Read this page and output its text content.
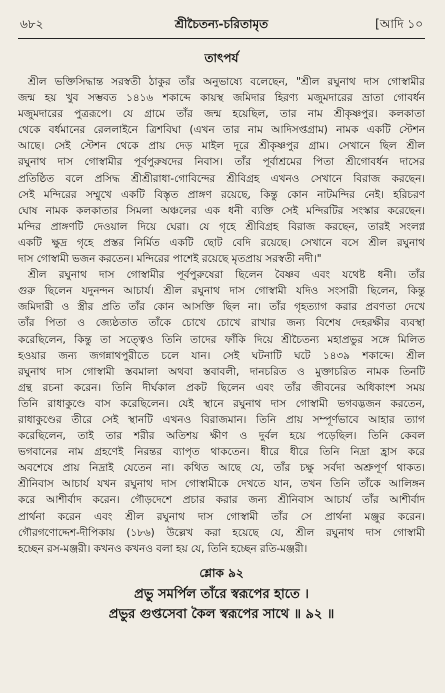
৬৮২	শ্রীচৈতন্য-চরিতামৃত	[আদি ১০
তাৎপর্য
শ্রীল ভক্তিসিদ্ধান্ত সরস্বতী ঠাকুর তাঁর অনুভাষ্যে বলেছেন, "শ্রীল রঘুনাথ দাস গোস্বামীর
জন্ম হয় খুব সম্ভবত ১৪১৬ শকাব্দে কায়স্থ জমিদার হিরণ্য মজুমদারের ভ্রাতা গোবর্ধন
মজুমদারের পুত্ররূপে। যে গ্রামে তাঁর জন্ম হয়েছিল, তার নাম শ্রীকৃষ্ণপুর। কলকাতা
থেকে বর্ধমানের রেললাইনে ত্রিশবিঘা (এখন তার নাম আদিসপ্তগ্রাম) নামক একটি স্টেশন
আছে। সেই স্টেশন থেকে প্রায় দেড় মাইল দূরে শ্রীকৃষ্ণপুর গ্রাম। সেখানে ছিল শ্রীল
রঘুনাথ দাস গোস্বামীর পূর্বপুরুষদের নিবাস। তাঁর পূর্বাশ্রমের পিতা শ্রীগোবর্ধন দাসের
প্রতিষ্ঠিত বলে প্রসিদ্ধ শ্রীশ্রীরাধা-গোবিন্দের শ্রীবিগ্রহ এখনও সেখানে বিরাজ করছেন।
সেই মন্দিরের সম্মুখে একটি বিস্তৃত প্রাঙ্গণ রয়েছে, কিন্তু কোন নাটমন্দির নেই। হরিচরণ
ঘোষ নামক কলকাতার সিমলা অঞ্চলের এক ধনী ব্যক্তি সেই মন্দিরটির সংস্কার করেছেন।
মন্দির প্রাঙ্গণটি দেওয়াল দিয়ে ঘেরা। যে গৃহে শ্রীবিগ্রহ বিরাজ করছেন, তারই সংলগ্ন
একটি ক্ষুদ্র গৃহে প্রস্তর নির্মিত একটি ছোট বেদি রয়েছে। সেখানে বসে শ্রীল রঘুনাথ
দাস গোস্বামী ভজন করতেন। মন্দিরের পাশেই রয়েছে মৃতপ্রায় সরস্বতী নদী।"
শ্রীল রঘুনাথ দাস গোস্বামীর পূর্বপুরুষেরা ছিলেন বৈষ্ণব এবং যথেষ্ট ধনী। তাঁর
গুরু ছিলেন যদুনন্দন আচার্য। শ্রীল রঘুনাথ দাস গোস্বামী যদিও সংসারী ছিলেন, কিন্তু
জমিদারী ও স্ত্রীর প্রতি তাঁর কোন আসক্তি ছিল না। তাঁর গৃহত্যাগ করার প্রবণতা দেখে
তাঁর পিতা ও জ্যেষ্ঠতাত তাঁকে চোখে চোখে রাখার জন্য বিশেষ দেহরক্ষীর ব্যবস্থা
করেছিলেন, কিন্তু তা সত্ত্বেও তিনি তাদের ফাঁকি দিয়ে শ্রীচৈতন্য মহাপ্রভুর সঙ্গে মিলিত
হওয়ার জন্য জগন্নাথপুরীতে চলে যান। সেই ঘটনাটি ঘটে ১৪৩৯ শকাব্দে। শ্রীল
রঘুনাথ দাস গোস্বামী স্তবমালা অথবা স্তবাবলী, দানচরিত ও মুক্তাচরিত নামক তিনটি
গ্রন্থ রচনা করেন। তিনি দীর্ঘকাল প্রকট ছিলেন এবং তাঁর জীবনের অধিকাংশ সময়
তিনি রাধাকুণ্ডে বাস করেছিলেন। যেই স্থানে রঘুনাথ দাস গোস্বামী ভগবদ্ভজন করতেন,
রাধাকুণ্ডের তীরে সেই স্থানটি এখনও বিরাজমান। তিনি প্রায় সম্পূর্ণভাবে আহার ত্যাগ
করেছিলেন, তাই তার শরীর অতিশয় ক্ষীণ ও দুর্বল হয়ে পড়েছিল। তিনি কেবল
ভগবানের নাম গ্রহণেই নিরন্তর ব্যাপৃত থাকতেন। ধীরে ধীরে তিনি নিদ্রা হ্রাস করে
অবশেষে প্রায় নিদ্রাই যেতেন না। কথিত আছে যে, তাঁর চক্ষু সর্বদা অশ্রুপূর্ণ থাকত।
শ্রীনিবাস আচার্য যখন রঘুনাথ দাস গোস্বামীকে দেখতে যান, তখন তিনি তাঁকে আলিঙ্গন
করে আশীর্বাদ করেন। গৌড়দেশে প্রচার করার জন্য শ্রীনিবাস আচার্য তাঁর আশীর্বাদ
প্রার্থনা করেন এবং শ্রীল রঘুনাথ দাস গোস্বামী তাঁর সে প্রার্থনা মঞ্জুর করেন।
গৌরগণোদ্দেশ-দীপিকায় (১৮৬) উল্লেখ করা হয়েছে যে, শ্রীল রঘুনাথ দাস গোস্বামী
হচ্ছেন রস-মঞ্জরী। কখনও কখনও বলা হয় যে, তিনি হচ্ছেন রতি-মঞ্জরী।
শ্লোক ৯২
প্রভু সমর্পিল তাঁরে স্বরূপের হাতে ।
প্রভুর গুপ্তসেবা কৈল স্বরূপের সাথে ॥ ৯২ ॥
